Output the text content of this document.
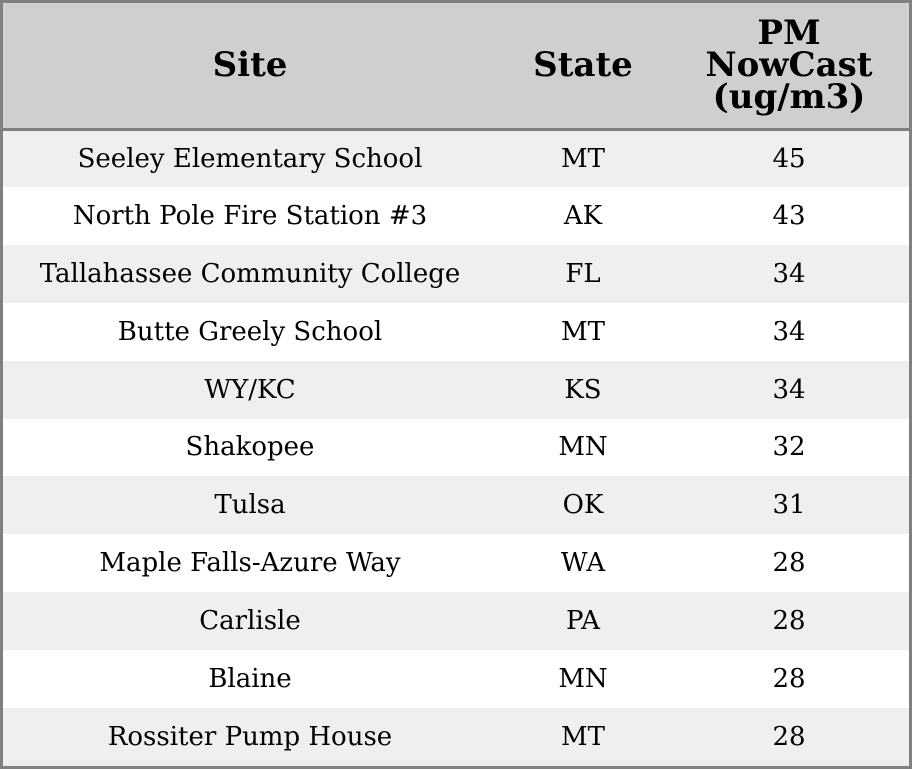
Site	State	PM NowCast (ug/m3)
Seeley Elementary School	MT	45
North Pole Fire Station #3	AK	43
Tallahassee Community College	FL	34
Butte Greely School	MT	34
WY/KC	KS	34
Shakopee	MN	32
Tulsa	OK	31
Maple Falls-Azure Way	WA	28
Carlisle	PA	28
Blaine	MN	28
Rossiter Pump House	MT	28
